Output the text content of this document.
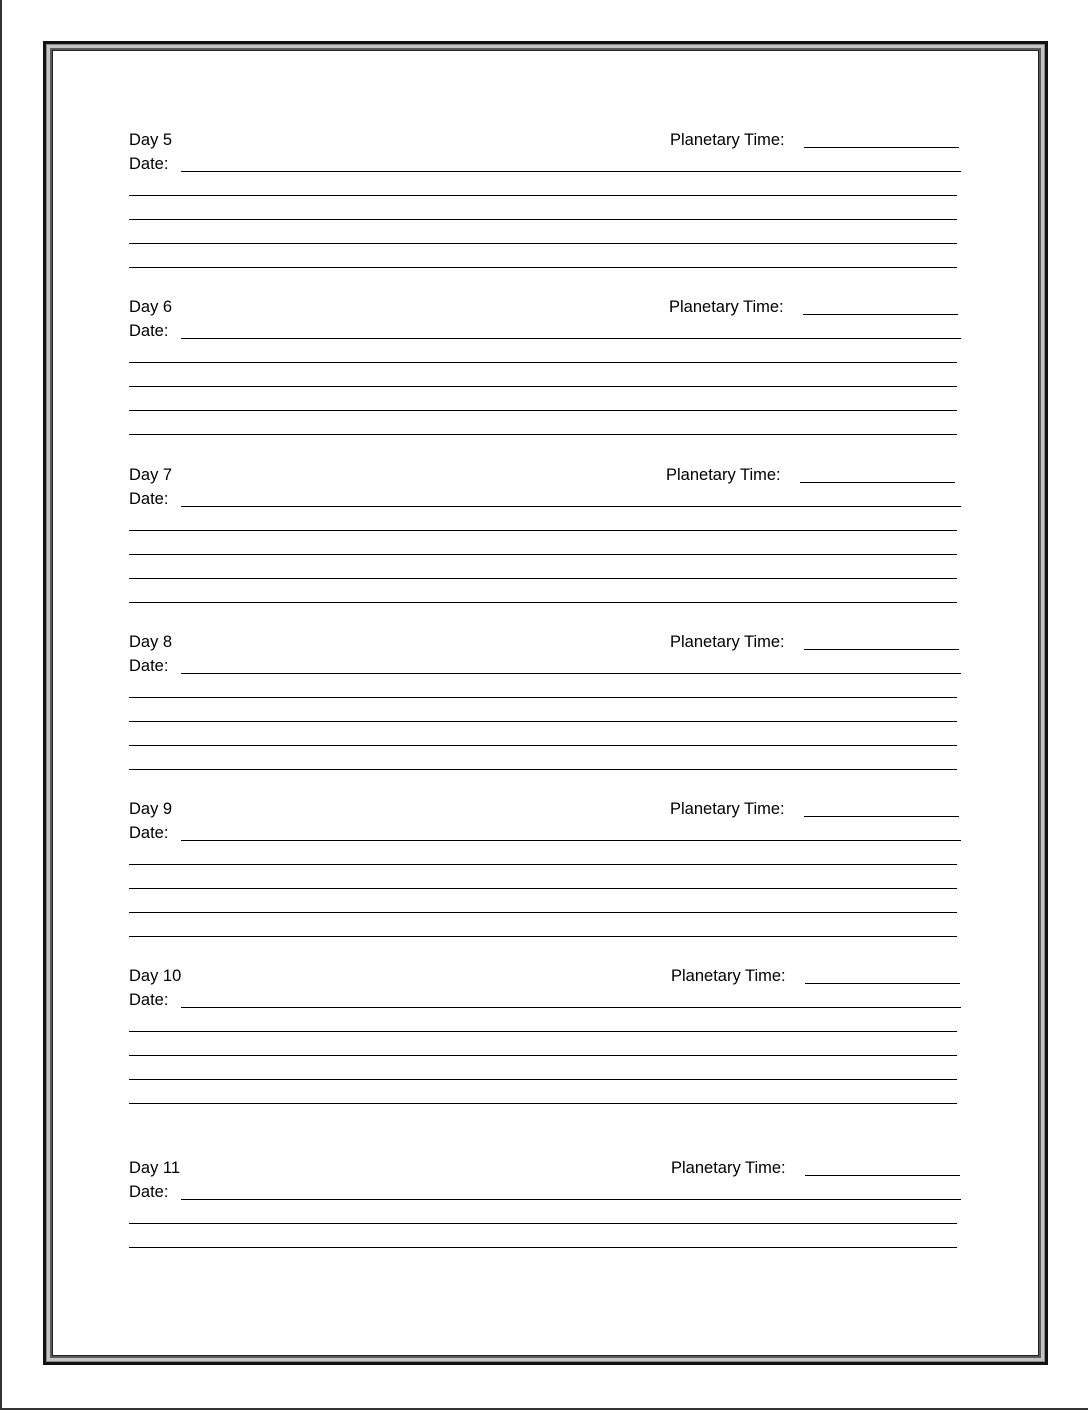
Day 5	Planetary Time:
Date:
Day 6	Planetary Time:
Date:
Day 7	Planetary Time:
Date:
Day 8	Planetary Time:
Date:
Day 9	Planetary Time:
Date:
Day 10	Planetary Time:
Date:
Day 11	Planetary Time:
Date:
